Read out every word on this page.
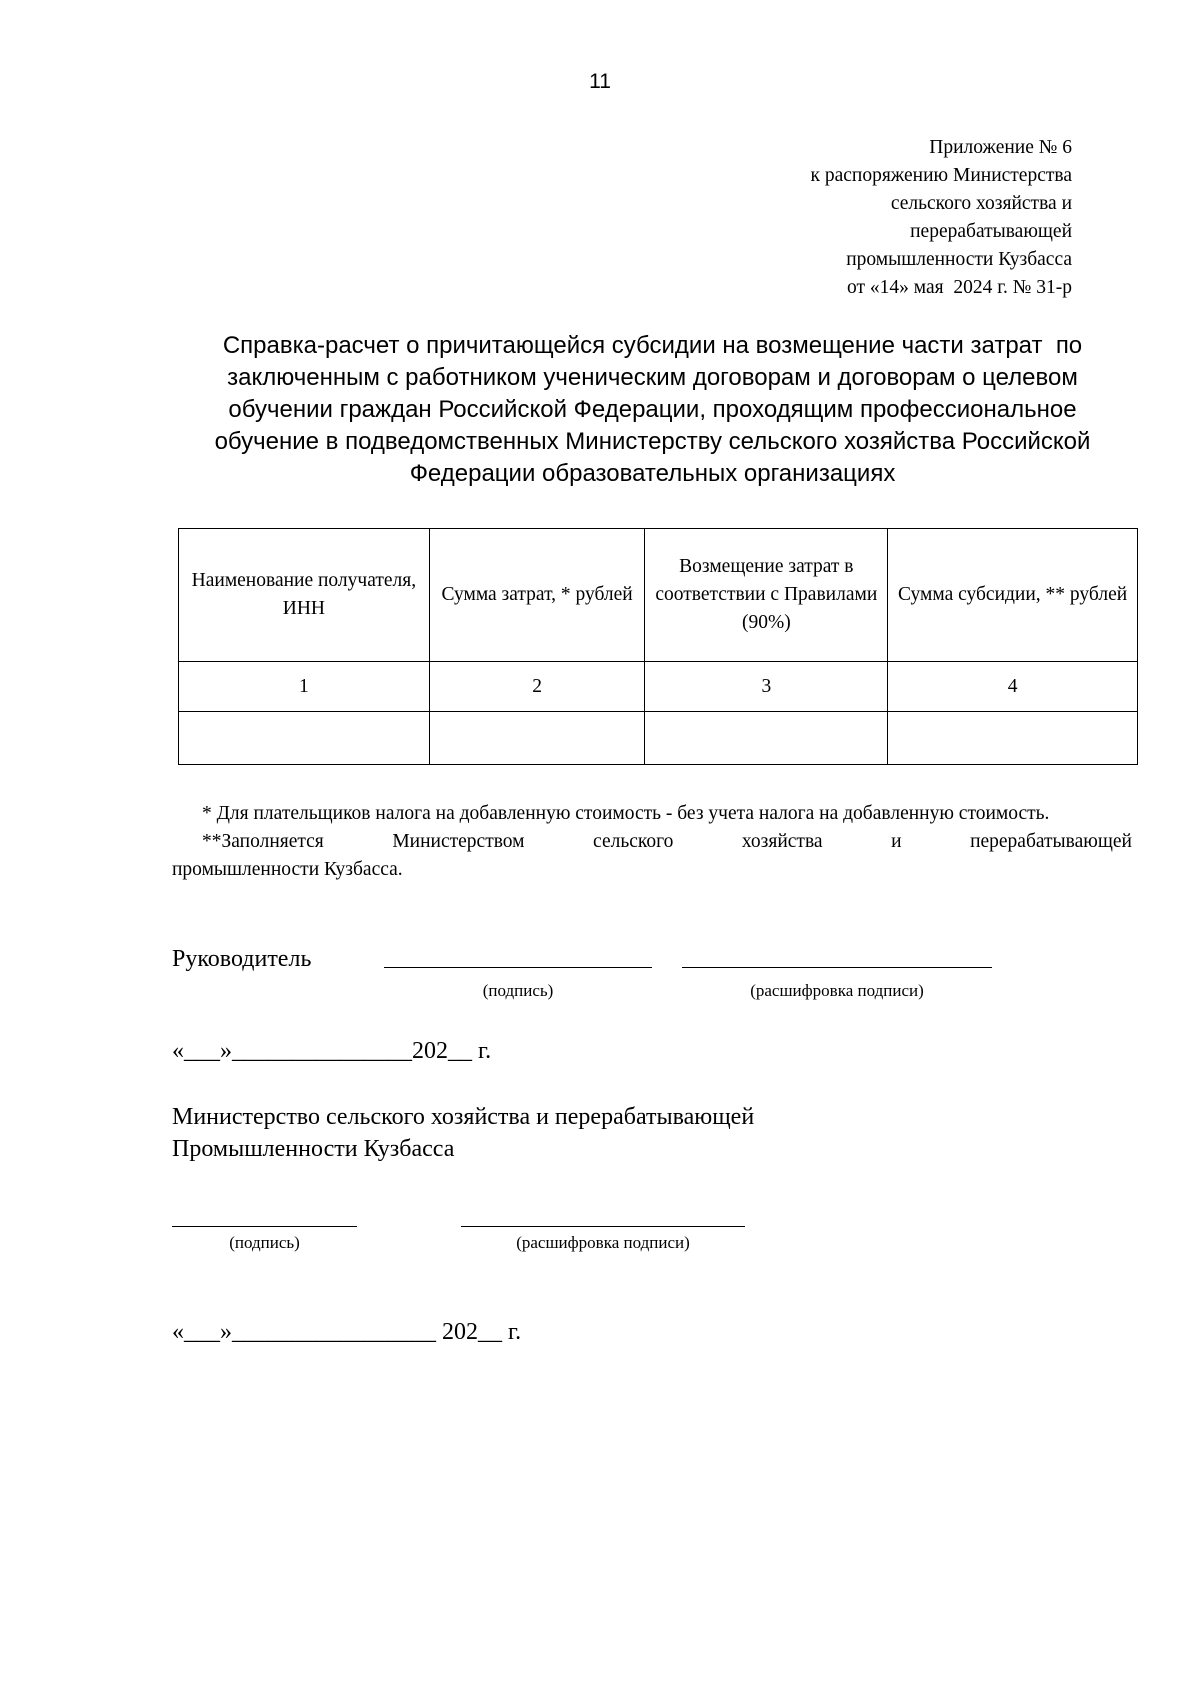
11
Приложение № 6
к распоряжению Министерства
сельского хозяйства и
перерабатывающей
промышленности Кузбасса
от «14» мая  2024 г. № 31-р
Справка-расчет о причитающейся субсидии на возмещение части затрат  по
заключенным с работником ученическим договорам и договорам о целевом
обучении граждан Российской Федерации, проходящим профессиональное
обучение в подведомственных Министерству сельского хозяйства Российской
Федерации образовательных организациях
Наименование получателя, ИНН	Сумма затрат, * рублей	Возмещение затрат в соответствии с Правилами (90%)	Сумма субсидии, ** рублей
1	2	3	4

* Для плательщиков налога на добавленную стоимость - без учета налога на добавленную стоимость.

**Заполняется	Министерством	сельского	хозяйства	и	перерабатывающей

промышленности Кузбасса.

Руководитель
(подпись)	(расшифровка подписи)
«___»_______________202__ г.
Министерство сельского хозяйства и перерабатывающей
Промышленности Кузбасса
(подпись)	(расшифровка подписи)
«___»_________________ 202__ г.
